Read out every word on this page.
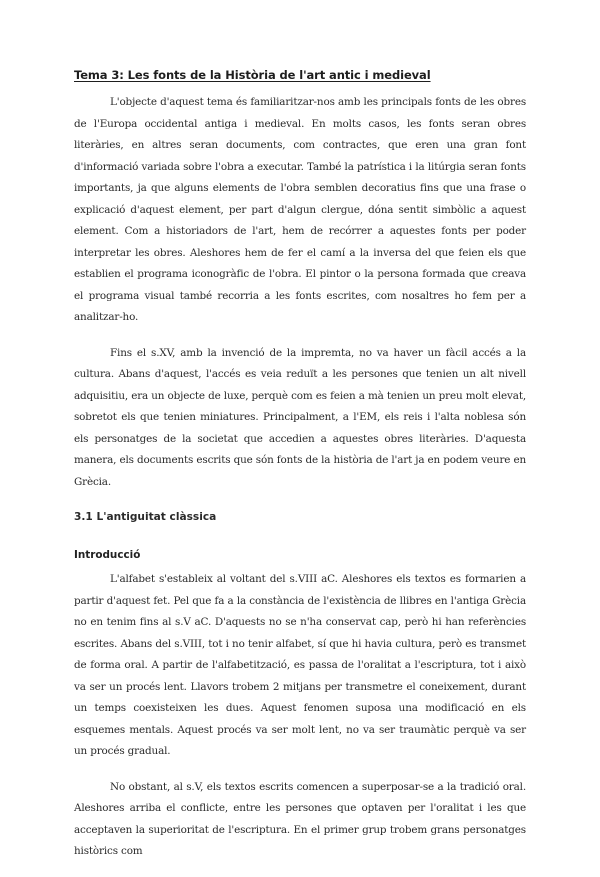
Tema 3: Les fonts de la Història de l'art antic i medieval

L'objecte d'aquest tema és familiaritzar-nos amb les principals fonts de les obres de l'Europa occidental antiga i medieval. En molts casos, les fonts seran obres literàries, en altres seran documents, com contractes, que eren una gran font d'informació variada sobre l'obra a executar. També la patrística i la litúrgia seran fonts importants, ja que alguns elements de l'obra semblen decoratius fins que una frase o explicació d'aquest element, per part d'algun clergue, dóna sentit simbòlic a aquest element. Com a historiadors de l'art, hem de recórrer a aquestes fonts per poder interpretar les obres. Aleshores hem de fer el camí a la inversa del que feien els que establien el programa iconogràfic de l'obra. El pintor o la persona formada que creava el programa visual també recorria a les fonts escrites, com nosaltres ho fem per a analitzar-ho.

Fins el s.XV, amb la invenció de la impremta, no va haver un fàcil accés a la cultura. Abans d'aquest, l'accés es veia reduït a les persones que tenien un alt nivell adquisitiu, era un objecte de luxe, perquè com es feien a mà tenien un preu molt elevat, sobretot els que tenien miniatures. Principalment, a l'EM, els reis i l'alta noblesa són els personatges de la societat que accedien a aquestes obres literàries. D'aquesta manera, els documents escrits que són fonts de la història de l'art ja en podem veure en Grècia.

3.1 L'antiguitat clàssica
Introducció

L'alfabet s'estableix al voltant del s.VIII aC. Aleshores els textos es formarien a partir d'aquest fet. Pel que fa a la constància de l'existència de llibres en l'antiga Grècia no en tenim fins al s.V aC. D'aquests no se n'ha conservat cap, però hi han referències escrites. Abans del s.VIII, tot i no tenir alfabet, sí que hi havia cultura, però es transmet de forma oral. A partir de l'alfabetització, es passa de l'oralitat a l'escriptura, tot i això va ser un procés lent. Llavors trobem 2 mitjans per transmetre el coneixement, durant un temps coexisteixen les dues. Aquest fenomen suposa una modificació en els esquemes mentals. Aquest procés va ser molt lent, no va ser traumàtic perquè va ser un procés gradual.

No obstant, al s.V, els textos escrits comencen a superposar-se a la tradició oral. Aleshores arriba el conflicte, entre les persones que optaven per l'oralitat i les que acceptaven la superioritat de l'escriptura. En el primer grup trobem grans personatges històrics com
